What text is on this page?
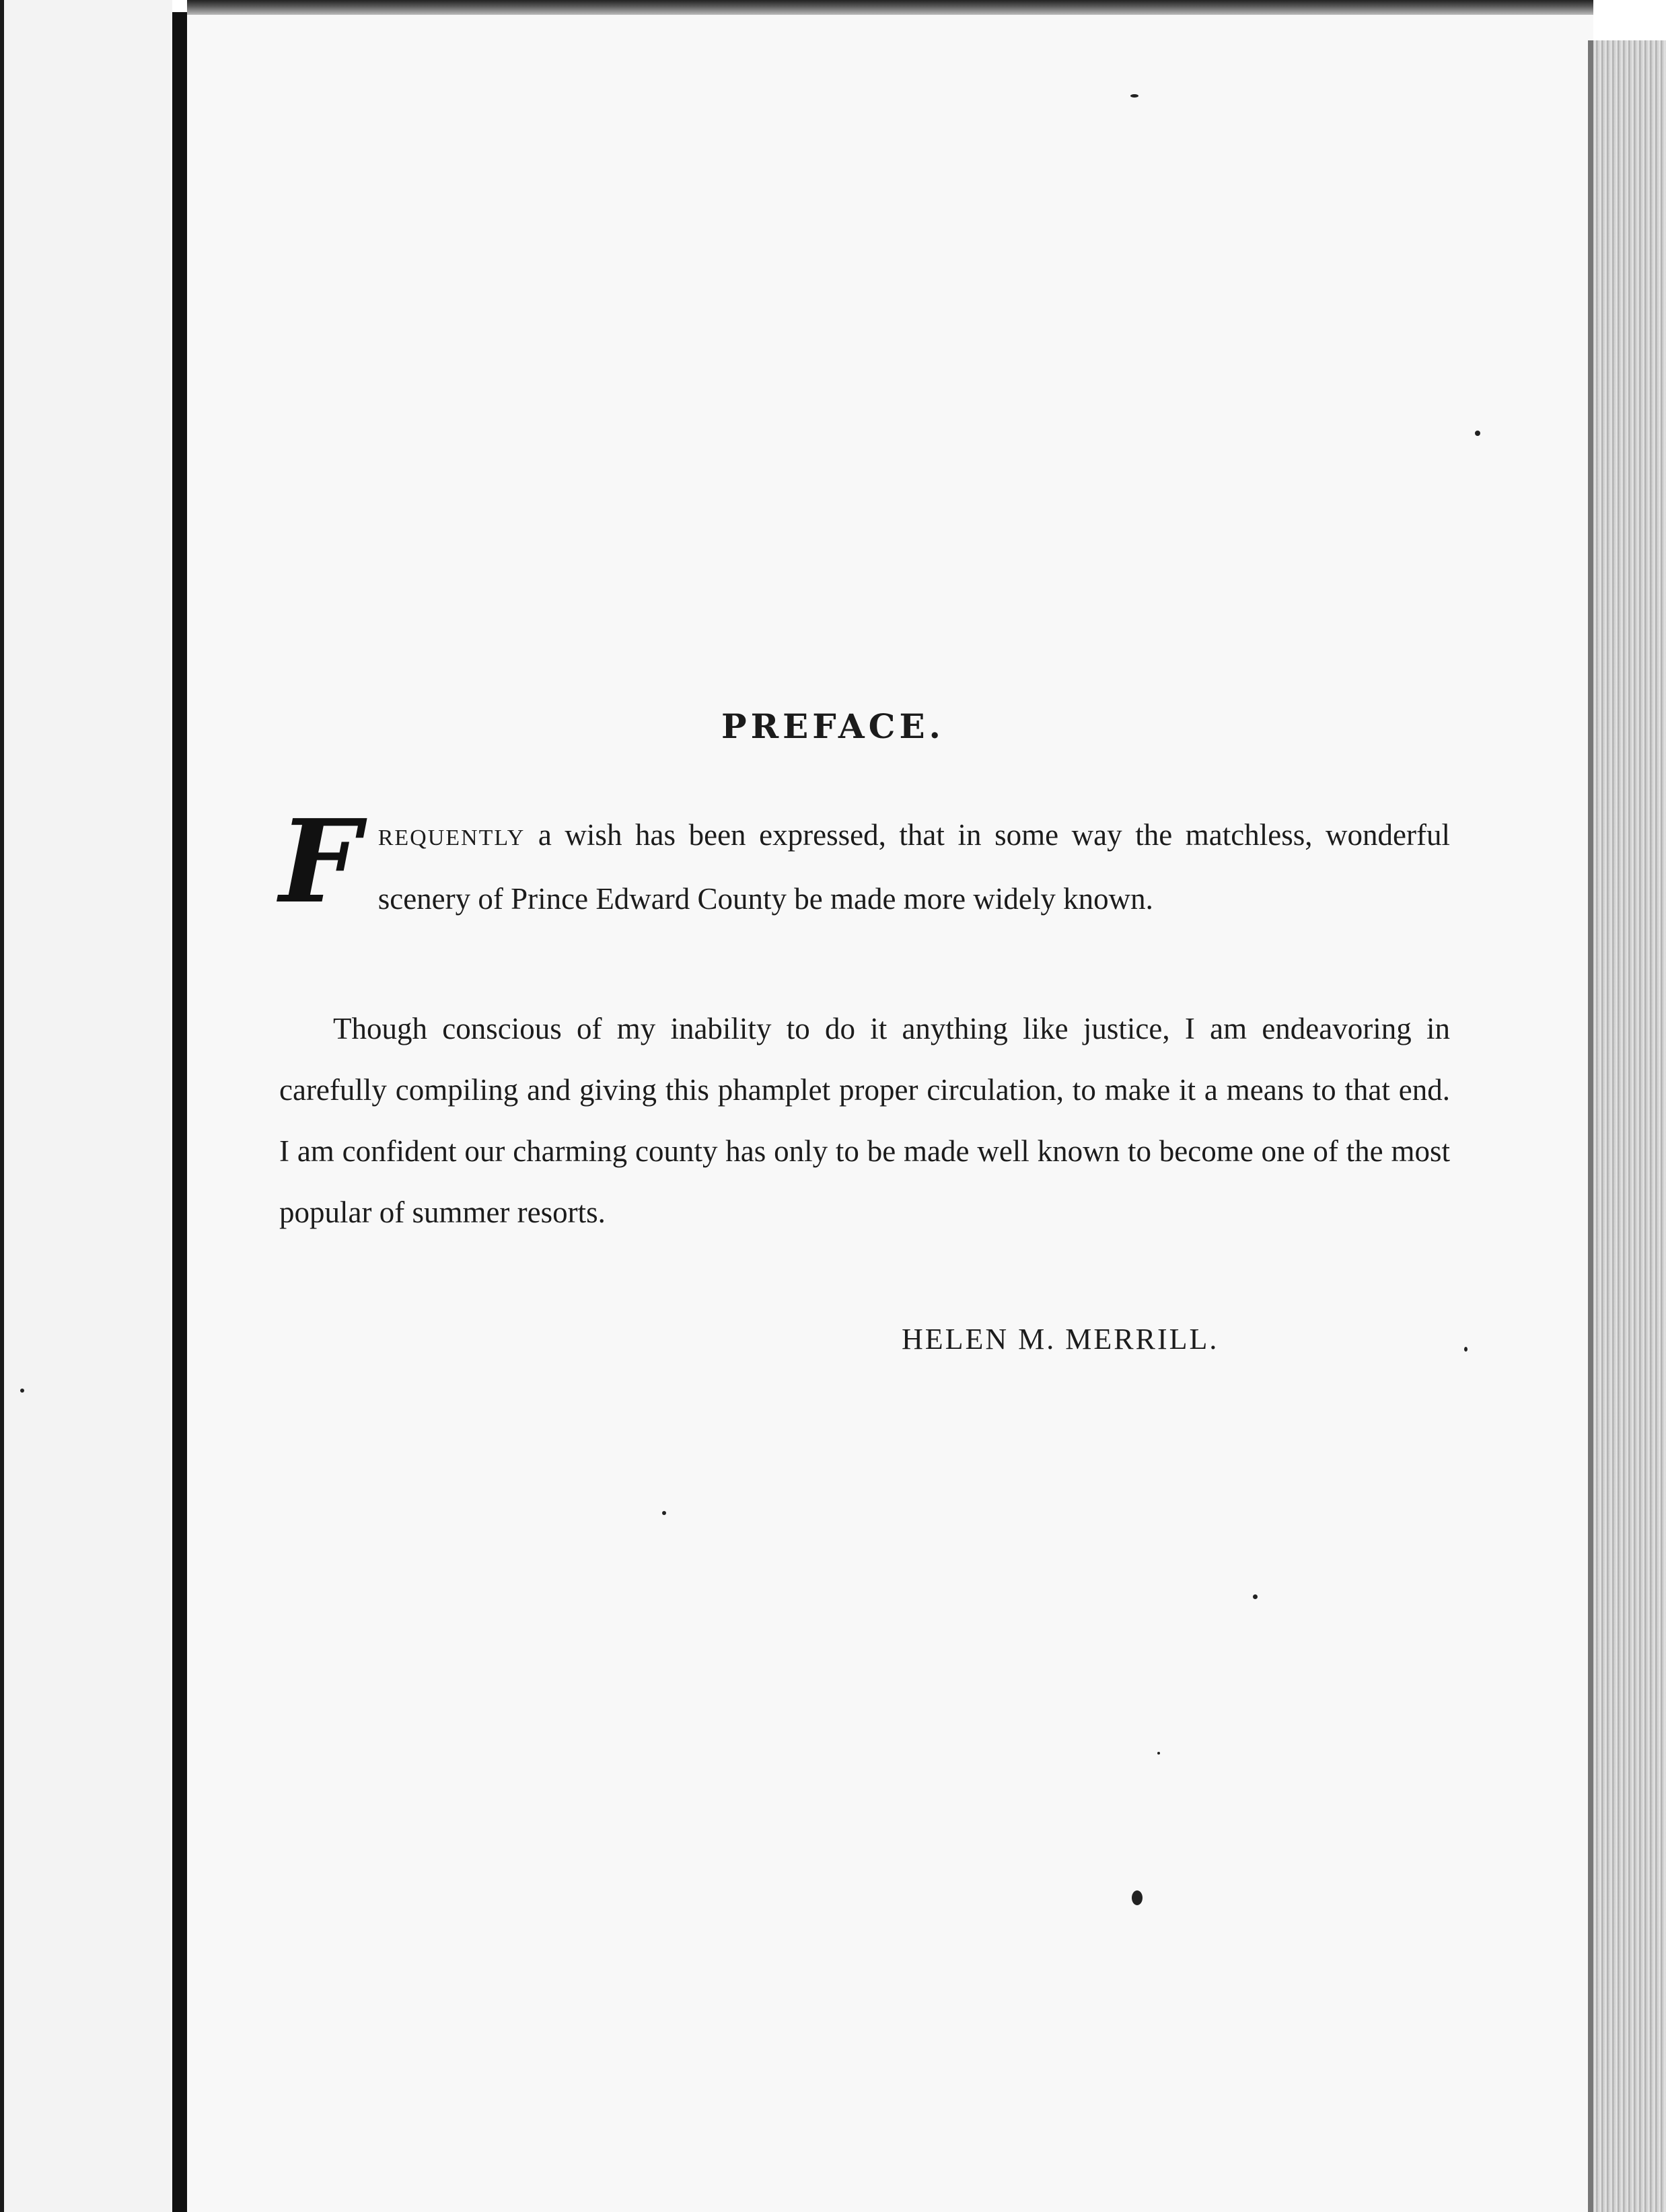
PREFACE.

FREQUENTLY a wish has been expressed, that in some way the matchless, wonderful scenery of Prince Edward County be made more widely known.

Though conscious of my inability to do it anything like justice, I am endeavoring in carefully compiling and giving this phamplet proper circulation, to make it a means to that end. I am confident our charming county has only to be made well known to become one of the most popular of summer resorts.

HELEN M. MERRILL.
